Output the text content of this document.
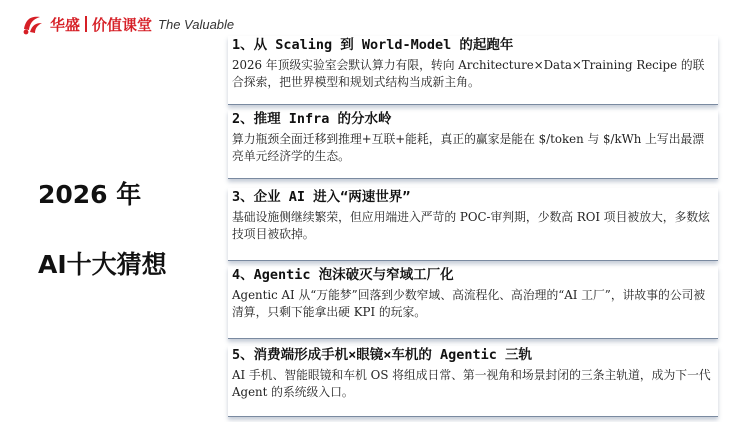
华盛 价值课堂 The Valuable
2026 年
AI十大猜想
1、从 Scaling 到 World-Model 的起跑年
2026 年顶级实验室会默认算力有限，转向 Architecture×Data×Training Recipe 的联合探索，把世界模型和规划式结构当成新主角。
2、推理 Infra 的分水岭
算力瓶颈全面迁移到推理+互联+能耗，真正的赢家是能在 $/token 与 $/kWh 上写出最漂亮单元经济学的生态。
3、企业 AI 进入“两速世界”
基础设施侧继续繁荣，但应用端进入严苛的 POC-审判期，少数高 ROI 项目被放大，多数炫技项目被砍掉。
4、Agentic 泡沫破灭与窄域工厂化
Agentic AI 从“万能梦”回落到少数窄域、高流程化、高治理的“AI 工厂”，讲故事的公司被清算，只剩下能拿出硬 KPI 的玩家。
5、消费端形成手机×眼镜×车机的 Agentic 三轨
AI 手机、智能眼镜和车机 OS 将组成日常、第一视角和场景封闭的三条主轨道，成为下一代 Agent 的系统级入口。
